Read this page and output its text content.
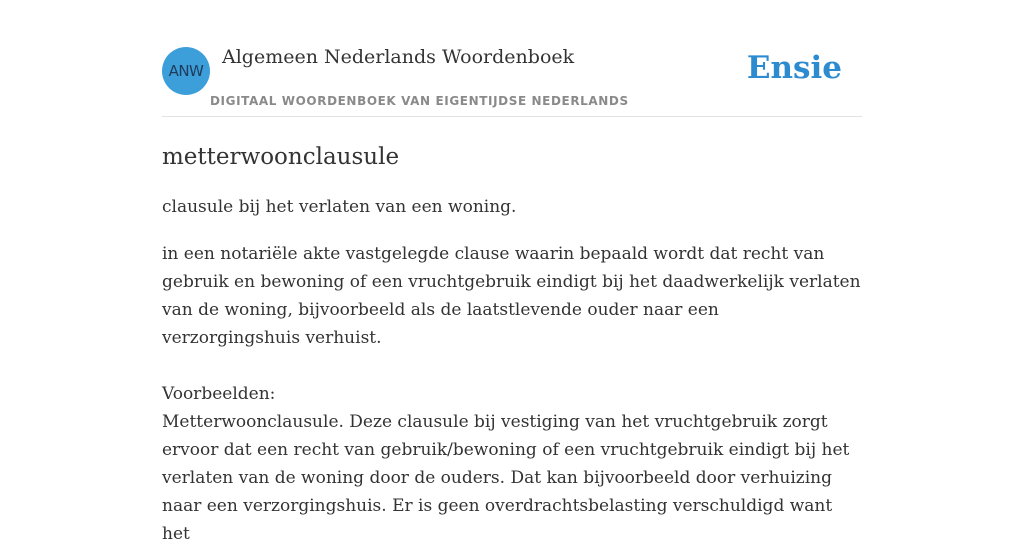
ANW
Algemeen Nederlands Woordenboek
DIGITAAL WOORDENBOEK VAN EIGENTIJDSE NEDERLANDS
Ensie
metterwoonclausule

clausule bij het verlaten van een woning.

in een notariële akte vastgelegde clause waarin bepaald wordt dat recht van gebruik en bewoning of een vruchtgebruik eindigt bij het daadwerkelijk verlaten van de woning, bijvoorbeeld als de laatstlevende ouder naar een verzorgingshuis verhuist.

Voorbeelden:

Metterwoonclausule. Deze clausule bij vestiging van het vruchtgebruik zorgt ervoor dat een recht van gebruik/bewoning of een vruchtgebruik eindigt bij het verlaten van de woning door de ouders. Dat kan bijvoorbeeld door verhuizing naar een verzorgingshuis. Er is geen overdrachtsbelasting verschuldigd want het
